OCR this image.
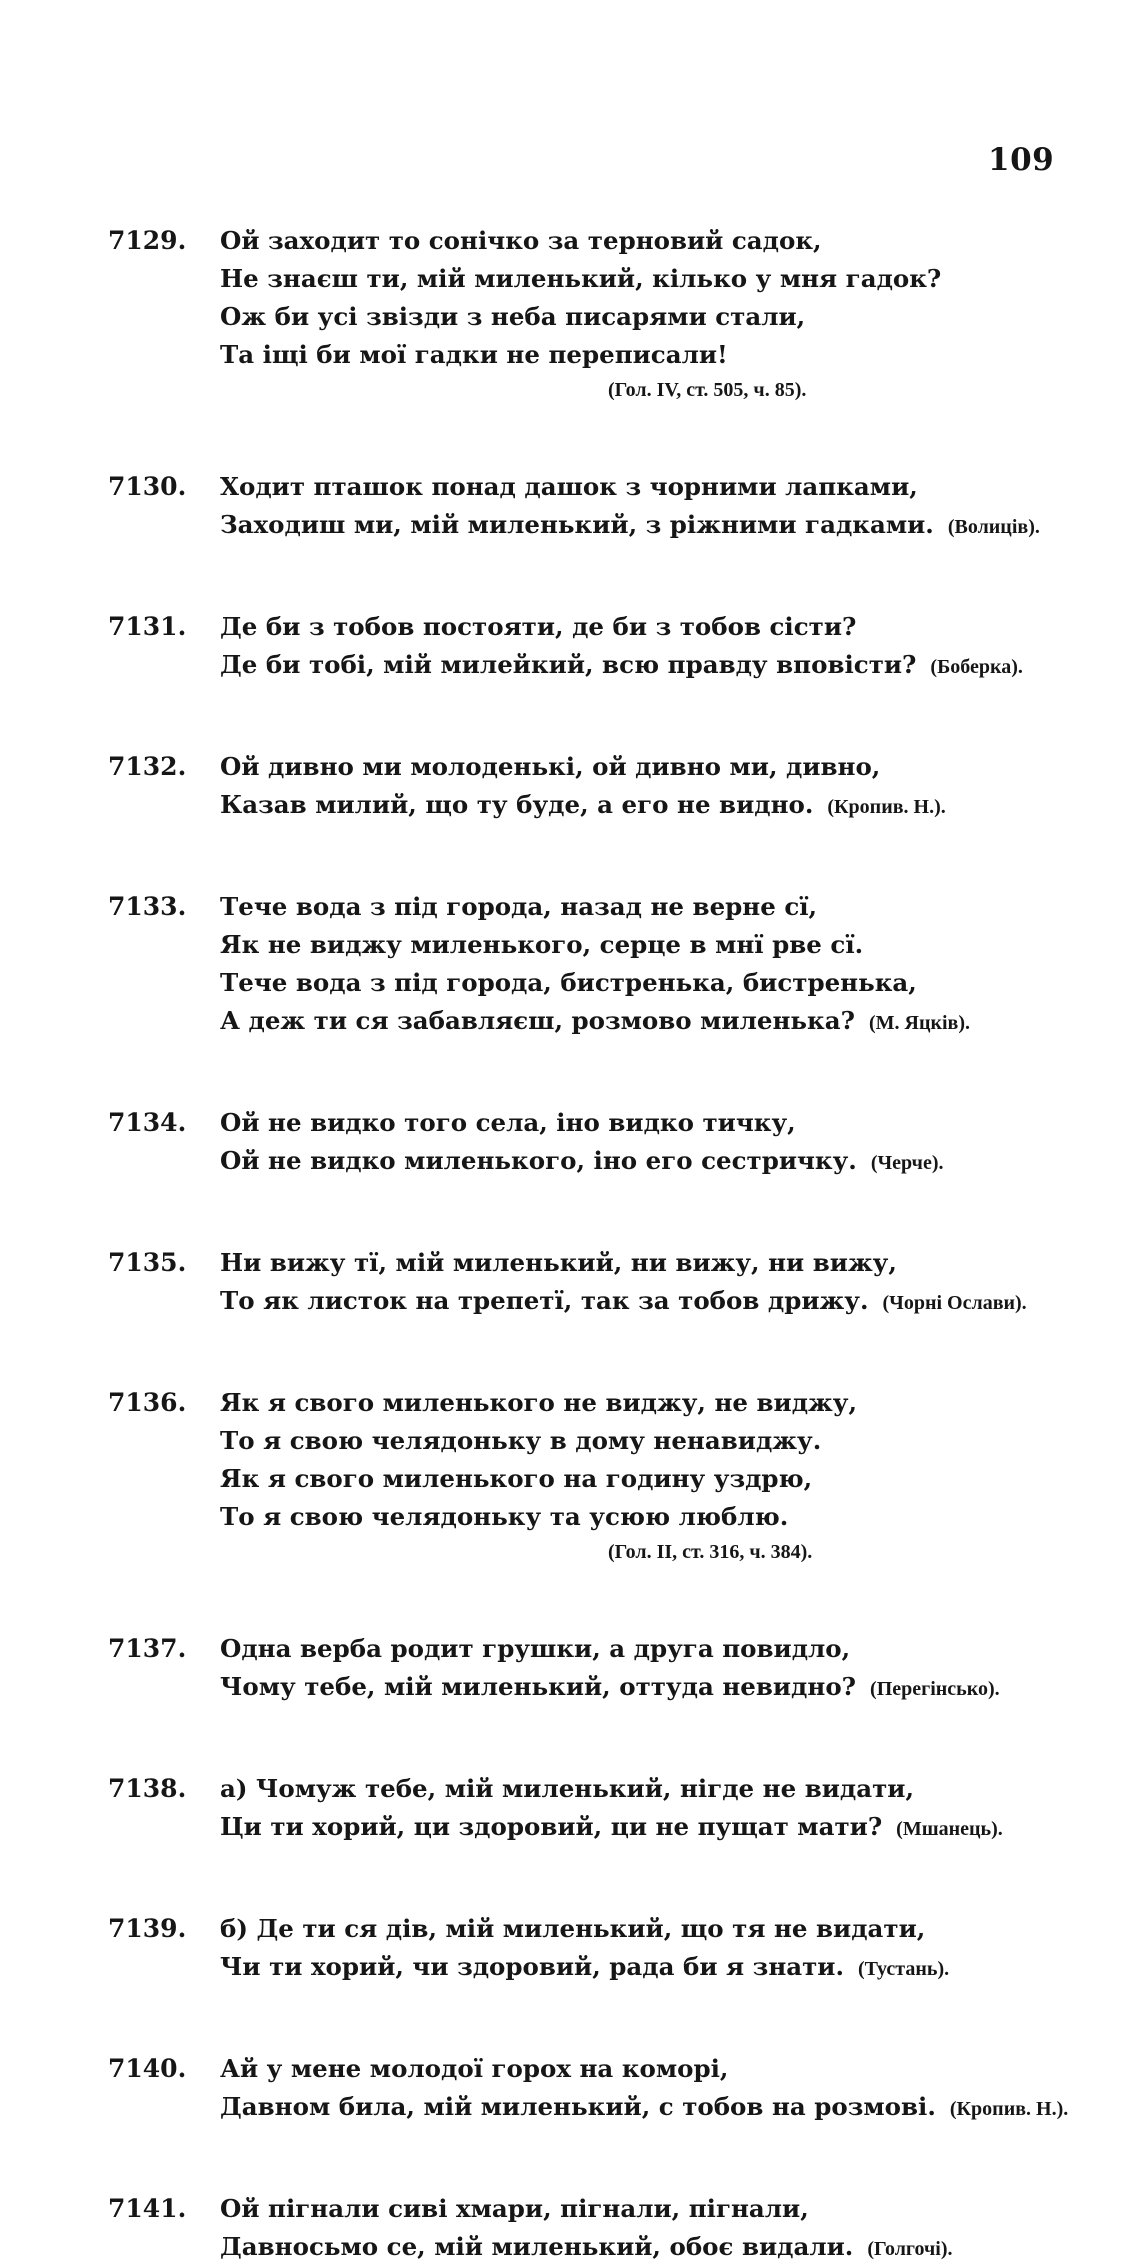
109
7129. Ой заходит то сонічко за терновий садок,
Не знаєш ти, мій миленький, кілько у мня гадок?
Ож би усі звізди з неба писарями стали,
Та іщі би мої гадки не переписали!
(Гол. IV, ст. 505, ч. 85).
7130. Ходит пташок понад дашок з чорними лапками,
Заходиш ми, мій миленький, з ріжними гадками. (Волиців).
7131. Де би з тобов постояти, де би з тобов сісти?
Де би тобі, мій милейкий, всю правду вповісти? (Боберка).
7132. Ой дивно ми молоденькі, ой дивно ми, дивно,
Казав милий, що ту буде, а его не видно. (Кропив. Н.).
7133. Тече вода з під города, назад не верне сї,
Як не виджу миленького, серце в мнї рве сї.
Тече вода з під города, бистренька, бистренька,
А деж ти ся забавляєш, розмово миленька? (М. Яцків).
7134. Ой не видко того села, іно видко тичку,
Ой не видко миленького, іно его сестричку. (Черче).
7135. Ни вижу тї, мій миленький, ни вижу, ни вижу,
То як листок на трепетї, так за тобов дрижу. (Чорні Ослави).
7136. Як я свого миленького не виджу, не виджу,
То я свою челядоньку в дому ненавиджу.
Як я свого миленького на годину уздрю,
То я свою челядоньку та усюю люблю.
(Гол. II, ст. 316, ч. 384).
7137. Одна верба родит грушки, а друга повидло,
Чому тебе, мій миленький, оттуда невидно? (Перегінсько).
7138. а) Чомуж тебе, мій миленький, нігде не видати,
Ци ти хорий, ци здоровий, ци не пущат мати? (Мшанець).
7139. б) Де ти ся дів, мій миленький, що тя не видати,
Чи ти хорий, чи здоровий, рада би я знати. (Тустань).
7140. Ай у мене молодої горох на коморі,
Давном била, мій миленький, с тобов на розмові. (Кропив. Н.).
7141. Ой пігнали сиві хмари, пігнали, пігнали,
Давносьмо се, мій миленький, обоє видали. (Голгочі).
